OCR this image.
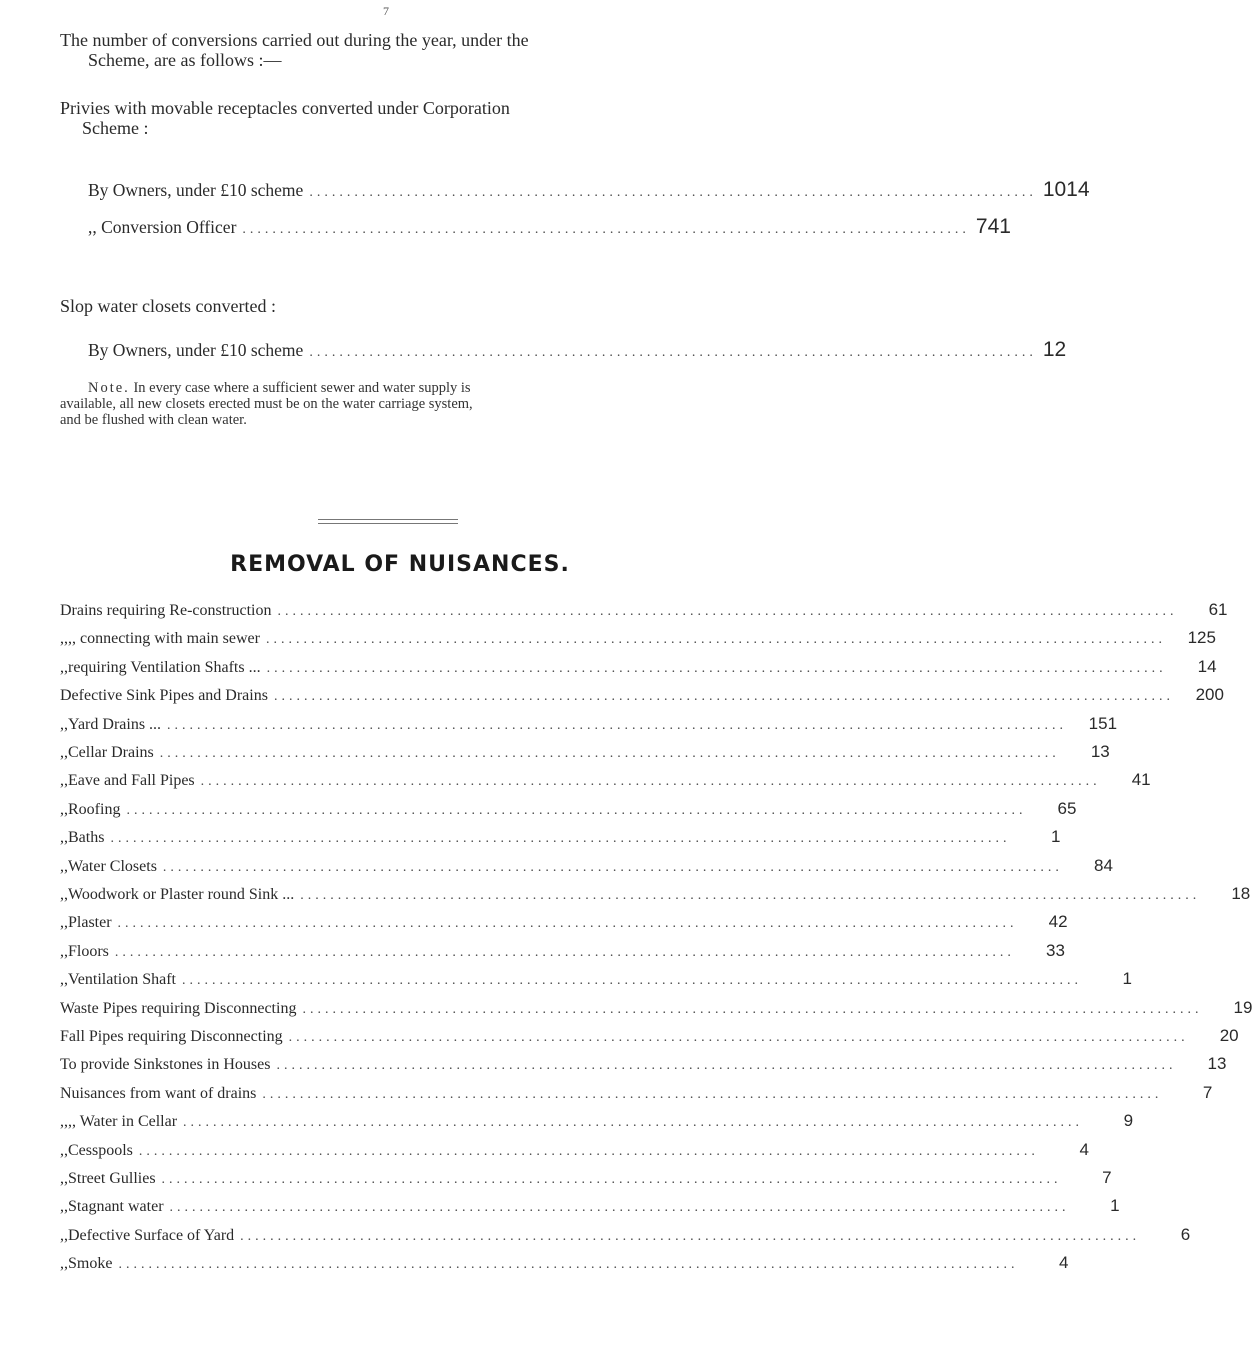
7
The number of conversions carried out during the year, under the
Scheme, are as follows :—
Privies with movable receptacles converted under Corporation
Scheme :
By Owners, under £10 scheme ................................................................................................. 1014
,, Conversion Officer ................................................................................................. 741
Slop water closets converted :
By Owners, under £10 scheme ................................................................................................. 12
Note. In every case where a sufficient sewer and water supply is
available, all new closets erected must be on the water carriage system,
and be flushed with clean water.
REMOVAL OF NUISANCES.
Drains requiring Re-construction ........................................................................................................................	61
,, ,, connecting with main sewer ........................................................................................................................	125
,, requiring Ventilation Shafts ... ........................................................................................................................	14
Defective Sink Pipes and Drains ........................................................................................................................	200
,, Yard Drains ... ........................................................................................................................	151
,, Cellar Drains ........................................................................................................................	13
,, Eave and Fall Pipes ........................................................................................................................	41
,, Roofing ........................................................................................................................	65
,, Baths ........................................................................................................................	1
,, Water Closets ........................................................................................................................	84
,, Woodwork or Plaster round Sink ... ........................................................................................................................	18
,, Plaster ........................................................................................................................	42
,, Floors ........................................................................................................................	33
,, Ventilation Shaft ........................................................................................................................	1
Waste Pipes requiring Disconnecting ........................................................................................................................	19
Fall Pipes requiring Disconnecting ........................................................................................................................	20
To provide Sinkstones in Houses ........................................................................................................................	13
Nuisances from want of drains ........................................................................................................................	7
,, ,, Water in Cellar ........................................................................................................................	9
,, Cesspools ........................................................................................................................	4
,, Street Gullies ........................................................................................................................	7
,, Stagnant water ........................................................................................................................	1
,, Defective Surface of Yard ........................................................................................................................	6
,, Smoke ........................................................................................................................	4
